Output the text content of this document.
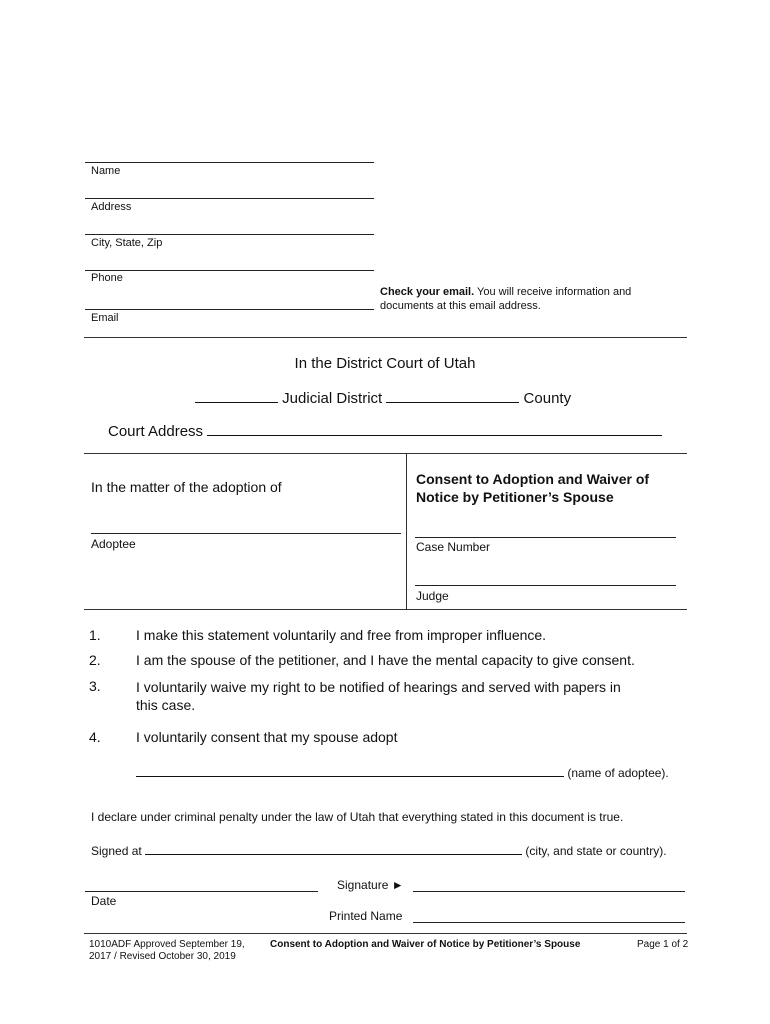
Name
Address
City, State, Zip
Phone
Email
Check your email. You will receive information and
documents at this email address.
In the District Court of Utah
Judicial District	County
Court Address
In the matter of the adoption of
Adoptee
Consent to Adoption and Waiver of
Notice by Petitioner’s Spouse
Case Number
Judge
1.	I make this statement voluntarily and free from improper influence.
2.	I am the spouse of the petitioner, and I have the mental capacity to give consent.
3.	I voluntarily waive my right to be notified of hearings and served with papers in
this case.
4.	I voluntarily consent that my spouse adopt
(name of adoptee).
I declare under criminal penalty under the law of Utah that everything stated in this document is true.
Signed at	(city, and state or country).
Date
Signature ►
Printed Name
1010ADF Approved September 19,
2017 / Revised October 30, 2019
Consent to Adoption and Waiver of Notice by Petitioner’s Spouse	Page 1 of 2
